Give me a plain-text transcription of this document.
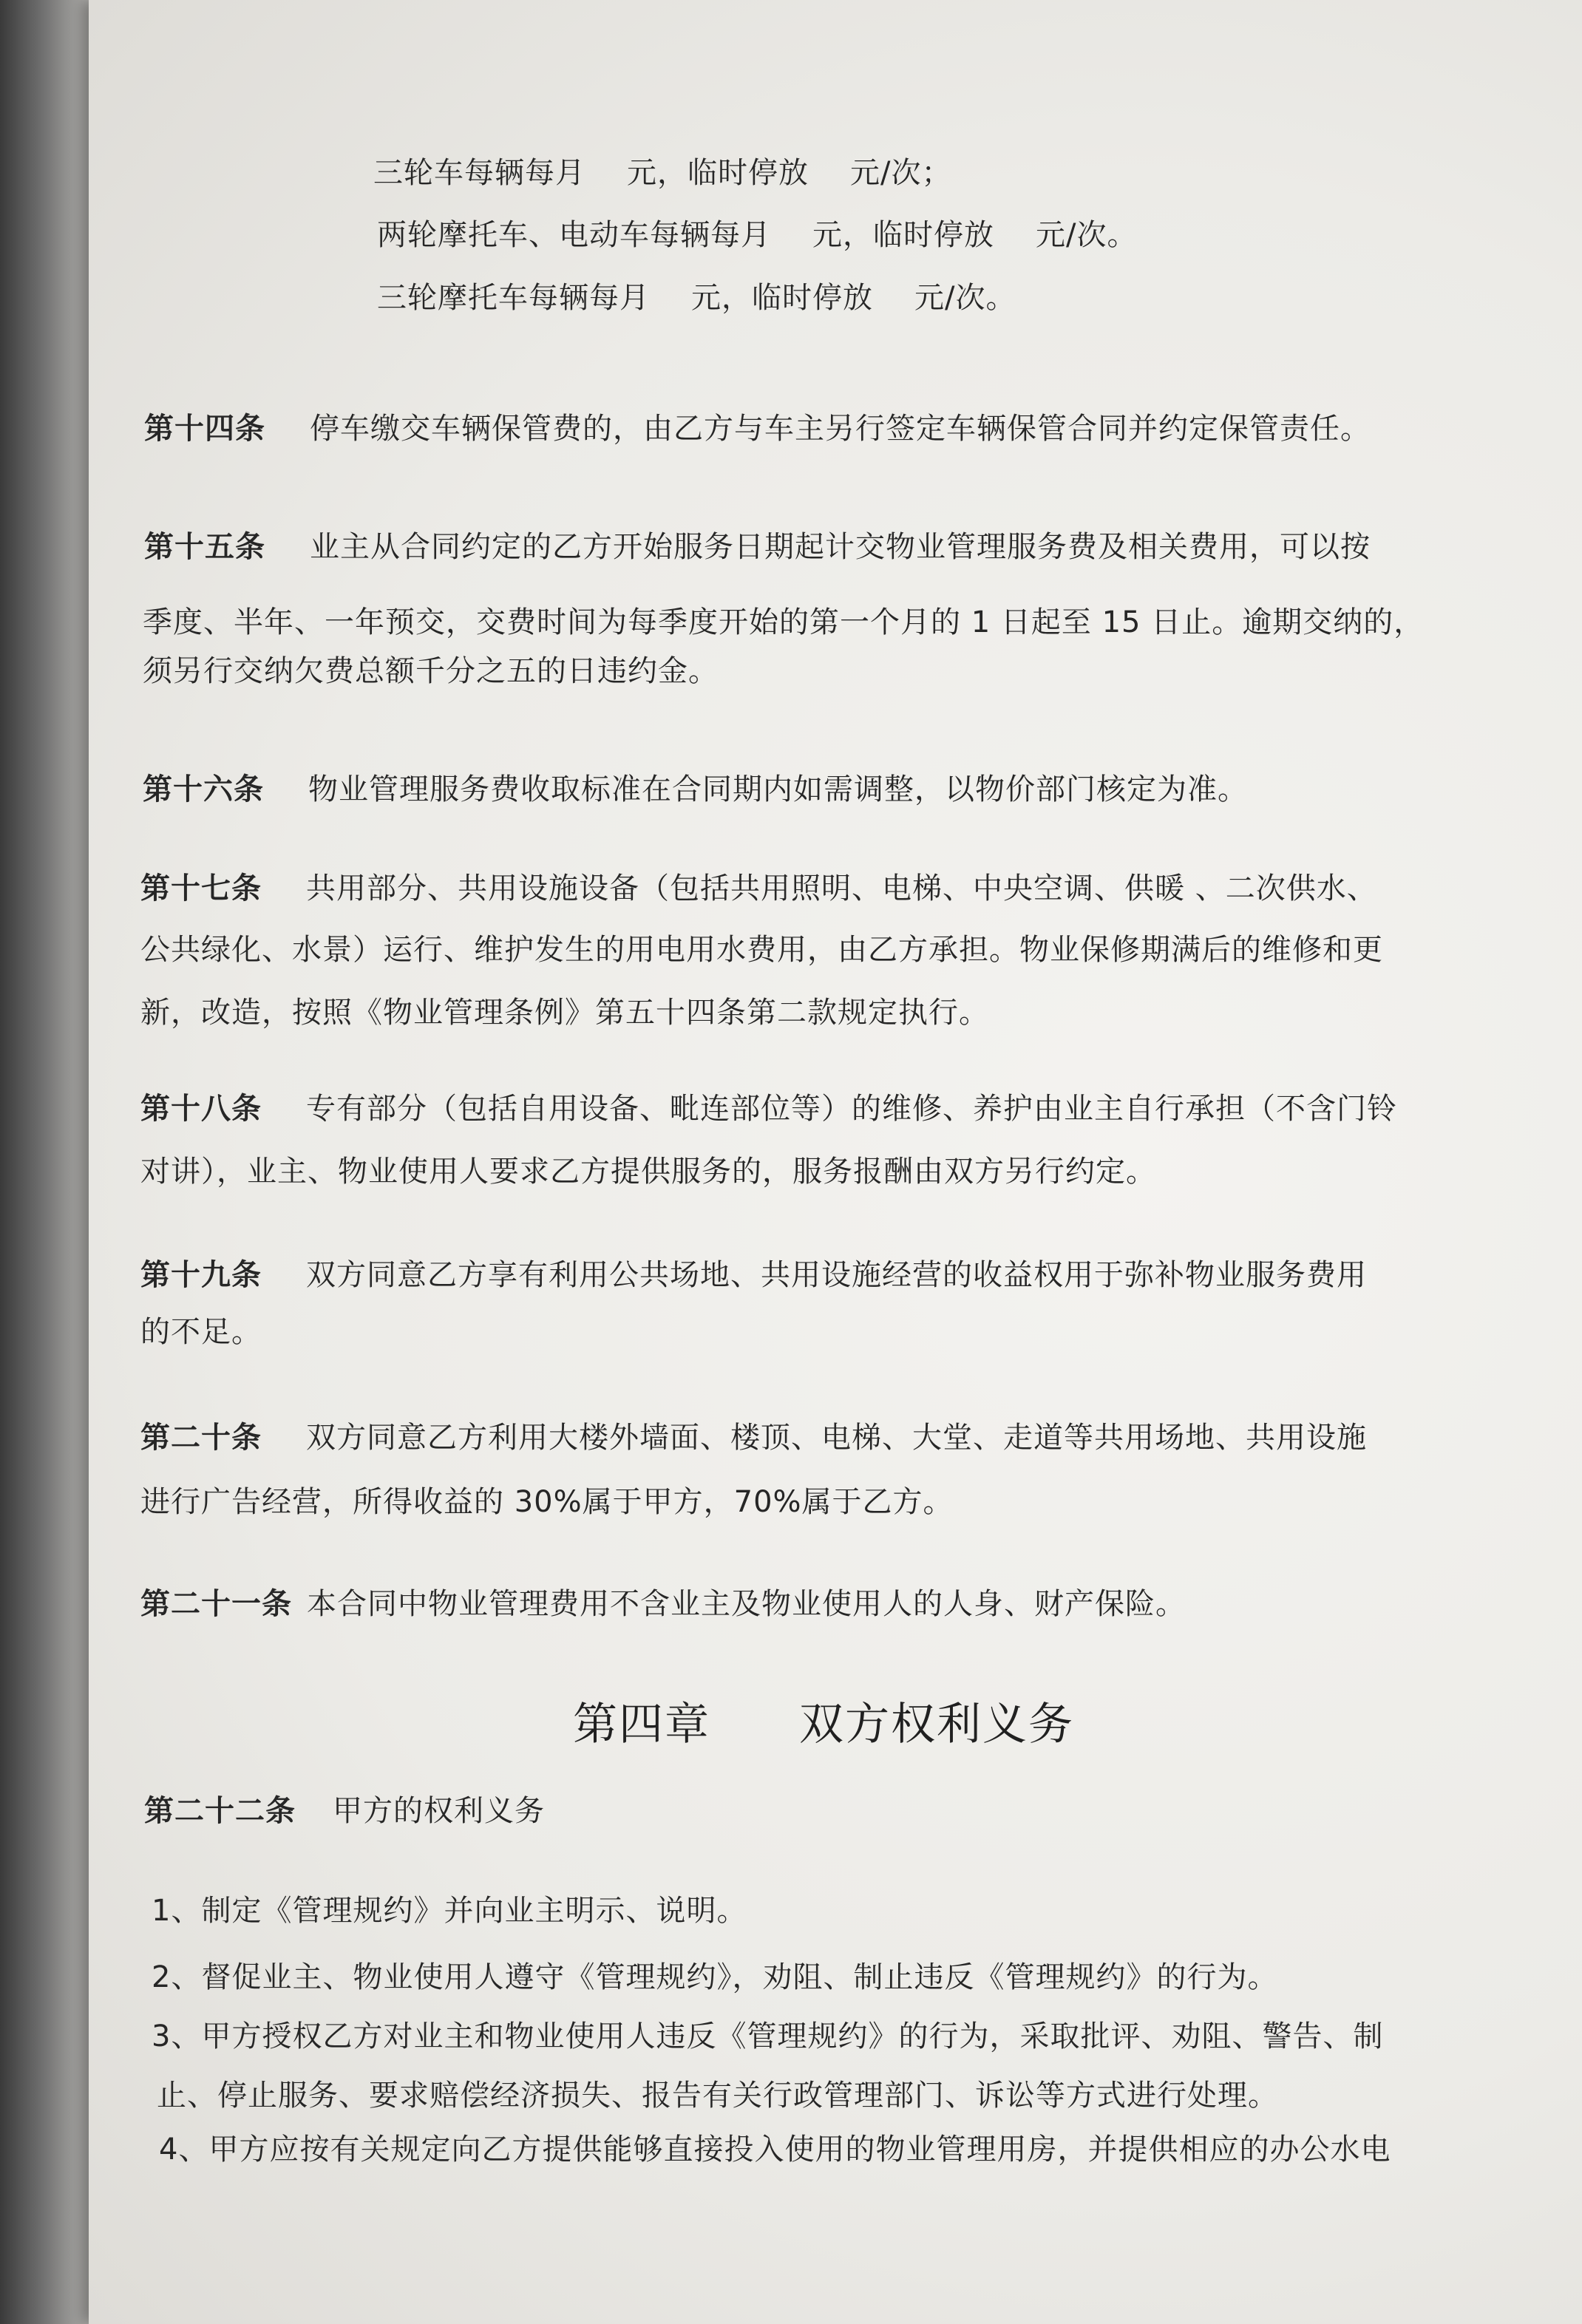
三轮车每辆每月 元，临时停放 元/次；
两轮摩托车、电动车每辆每月 元，临时停放 元/次。
三轮摩托车每辆每月 元，临时停放 元/次。
第十四条 停车缴交车辆保管费的，由乙方与车主另行签定车辆保管合同并约定保管责任。
第十五条 业主从合同约定的乙方开始服务日期起计交物业管理服务费及相关费用，可以按
季度、半年、一年预交，交费时间为每季度开始的第一个月的 1 日起至 15 日止。逾期交纳的，
须另行交纳欠费总额千分之五的日违约金。
第十六条 物业管理服务费收取标准在合同期内如需调整，以物价部门核定为准。
第十七条 共用部分、共用设施设备（包括共用照明、电梯、中央空调、供暖 、二次供水、
公共绿化、水景）运行、维护发生的用电用水费用，由乙方承担。物业保修期满后的维修和更
新，改造，按照《物业管理条例》第五十四条第二款规定执行。
第十八条 专有部分（包括自用设备、毗连部位等）的维修、养护由业主自行承担（不含门铃
对讲），业主、物业使用人要求乙方提供服务的，服务报酬由双方另行约定。
第十九条 双方同意乙方享有利用公共场地、共用设施经营的收益权用于弥补物业服务费用
的不足。
第二十条 双方同意乙方利用大楼外墙面、楼顶、电梯、大堂、走道等共用场地、共用设施
进行广告经营，所得收益的 30%属于甲方，70%属于乙方。
第二十一条 本合同中物业管理费用不含业主及物业使用人的人身、财产保险。
第四章 双方权利义务
第二十二条 甲方的权利义务
1、制定《管理规约》并向业主明示、说明。
2、督促业主、物业使用人遵守《管理规约》，劝阻、制止违反《管理规约》的行为。
3、甲方授权乙方对业主和物业使用人违反《管理规约》的行为，采取批评、劝阻、警告、制
止、停止服务、要求赔偿经济损失、报告有关行政管理部门、诉讼等方式进行处理。
4、甲方应按有关规定向乙方提供能够直接投入使用的物业管理用房，并提供相应的办公水电
